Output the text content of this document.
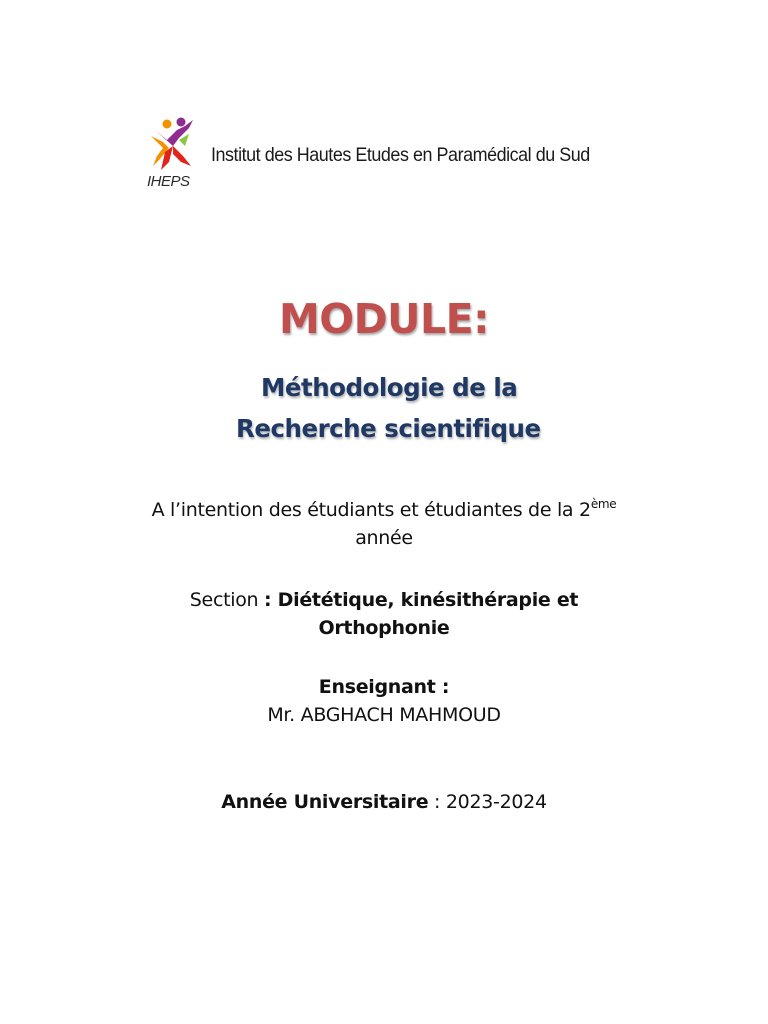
IHEPS
Institut des Hautes Etudes en Paramédical du Sud
MODULE:
Méthodologie de la
Recherche scientifique
A l’intention des étudiants et étudiantes de la 2ème
année
Section : Diététique, kinésithérapie et
Orthophonie
Enseignant :
Mr. ABGHACH MAHMOUD
Année Universitaire : 2023-2024
